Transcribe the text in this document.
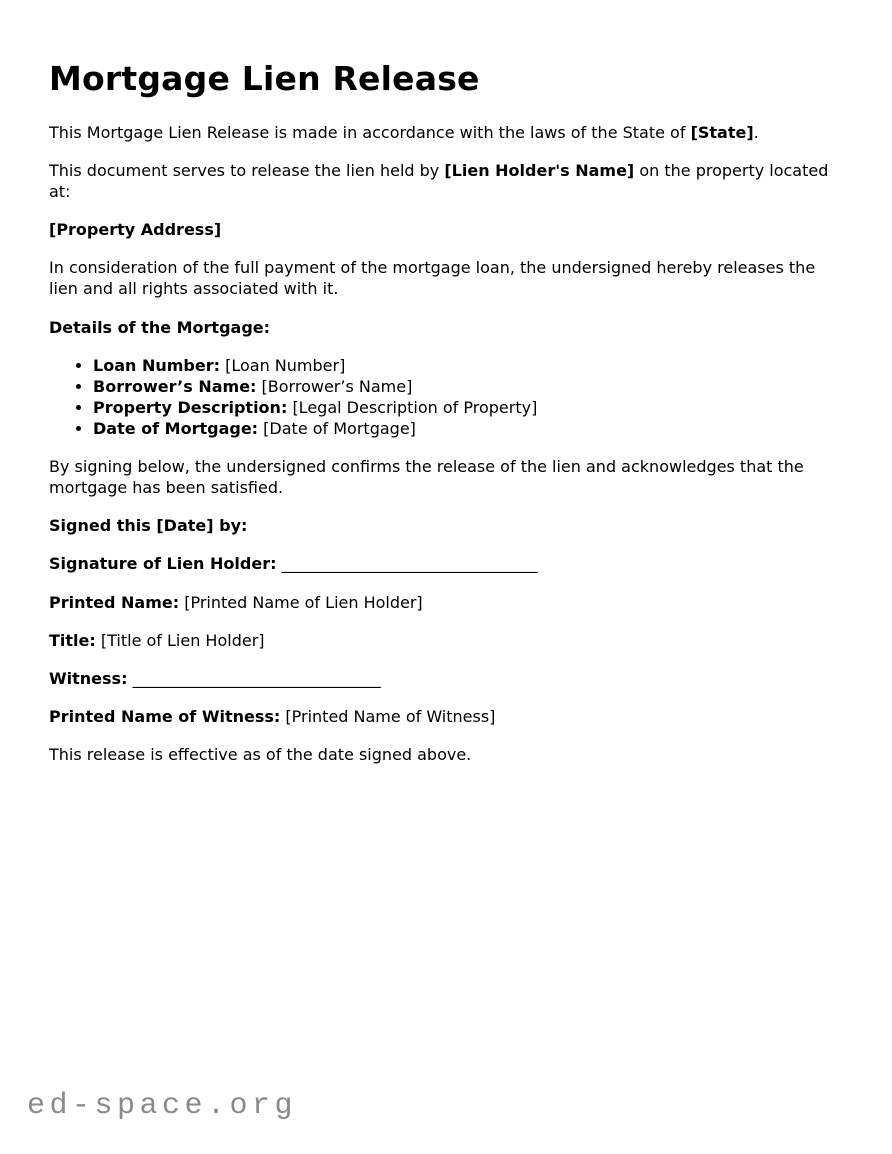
Mortgage Lien Release

This Mortgage Lien Release is made in accordance with the laws of the State of [State].

This document serves to release the lien held by [Lien Holder's Name] on the property located at:

[Property Address]

In consideration of the full payment of the mortgage loan, the undersigned hereby releases the lien and all rights associated with it.

Details of the Mortgage:

• Loan Number: [Loan Number]
• Borrower’s Name: [Borrower’s Name]
• Property Description: [Legal Description of Property]
• Date of Mortgage: [Date of Mortgage]

By signing below, the undersigned confirms the release of the lien and acknowledges that the mortgage has been satisfied.

Signed this [Date] by:

Signature of Lien Holder: ________________________________

Printed Name: [Printed Name of Lien Holder]

Title: [Title of Lien Holder]

Witness: _______________________________

Printed Name of Witness: [Printed Name of Witness]

This release is effective as of the date signed above.

ed-space.org
